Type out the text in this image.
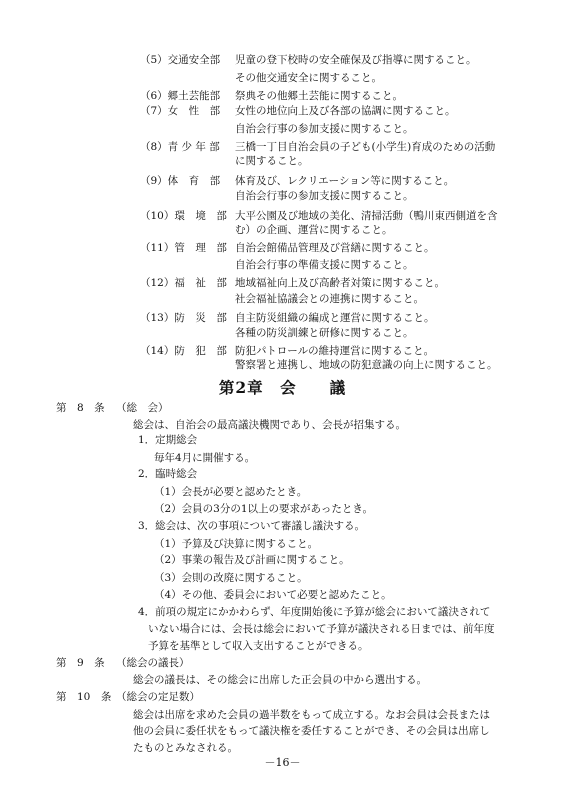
（5）交通安全部 児童の登下校時の安全確保及び指導に関すること。
その他交通安全に関すること。
（6）郷土芸能部 祭典その他郷土芸能に関すること。
（7）女　性　部 女性の地位向上及び各部の協調に関すること。
自治会行事の参加支援に関すること。
（8）青 少 年 部 三橋一丁目自治会員の子ども(小学生)育成のための活動
に関すること。
（9）体　育　部 体育及び、レクリエーション等に関すること。
自治会行事の参加支援に関すること。
（10）環　境　部 大平公園及び地域の美化、清掃活動（鴨川東西側道を含
む）の企画、運営に関すること。
（11）管　理　部 自治会館備品管理及び営繕に関すること。
自治会行事の準備支援に関すること。
（12）福　祉　部 地域福祉向上及び高齢者対策に関すること。
社会福祉協議会との連携に関すること。
（13）防　災　部 自主防災組織の編成と運営に関すること。
各種の防災訓練と研修に関すること。
（14）防　犯　部 防犯パトロールの維持運営に関すること。
警察署と連携し、地域の防犯意識の向上に関すること。
第2章　会　　議
第　8　条 （総　会）
総会は、自治会の最高議決機関であり、会長が招集する。
1．定期総会
毎年4月に開催する。
2．臨時総会
（1）会長が必要と認めたとき。
（2）会員の3分の1以上の要求があったとき。
3．総会は、次の事項について審議し議決する。
（1）予算及び決算に関すること。
（2）事業の報告及び計画に関すること。
（3）会則の改廃に関すること。
（4）その他、委員会において必要と認めたこと。
4．前項の規定にかかわらず、年度開始後に予算が総会において議決されて
いない場合には、会長は総会において予算が議決される日までは、前年度
予算を基準として収入支出することができる。
第　9　条 （総会の議長）
総会の議長は、その総会に出席した正会員の中から選出する。
第　10　条 （総会の定足数）
総会は出席を求めた会員の過半数をもって成立する。なお会員は会長または
他の会員に委任状をもって議決権を委任することができ、その会員は出席し
たものとみなされる。
－16－
